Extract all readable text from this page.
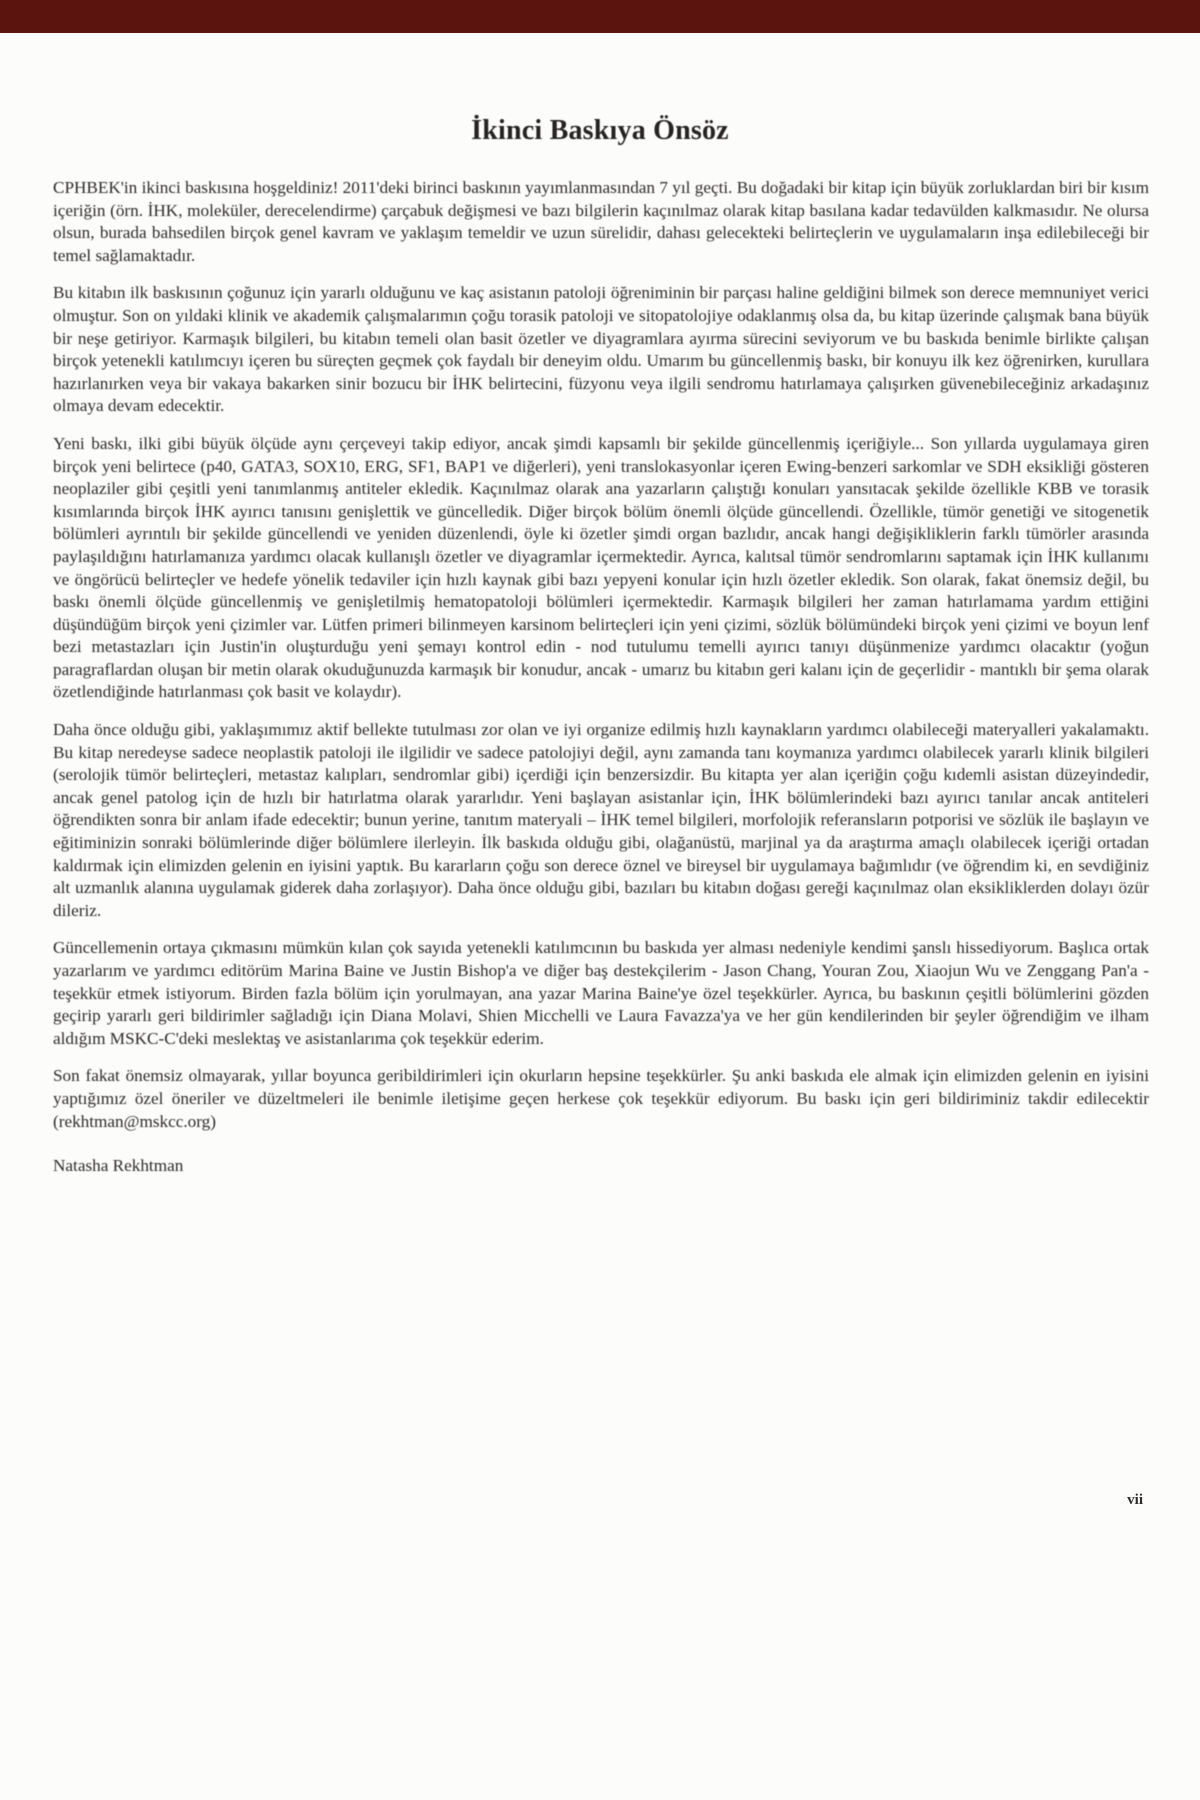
İkinci Baskıya Önsöz

CPHBEK'in ikinci baskısına hoşgeldiniz! 2011'deki birinci baskının yayımlanmasından 7 yıl geçti. Bu doğadaki bir kitap için büyük zorluklardan biri bir kısım içeriğin (örn. İHK, moleküler, derecelendirme) çarçabuk değişmesi ve bazı bilgilerin kaçınılmaz olarak kitap basılana kadar tedavülden kalkmasıdır. Ne olursa olsun, burada bahsedilen birçok genel kavram ve yaklaşım temeldir ve uzun sürelidir, dahası gelecekteki belirteçlerin ve uygulamaların inşa edilebileceği bir temel sağlamaktadır.

Bu kitabın ilk baskısının çoğunuz için yararlı olduğunu ve kaç asistanın patoloji öğreniminin bir parçası haline geldiğini bilmek son derece memnuniyet verici olmuştur. Son on yıldaki klinik ve akademik çalışmalarımın çoğu torasik patoloji ve sitopatolojiye odaklanmış olsa da, bu kitap üzerinde çalışmak bana büyük bir neşe getiriyor. Karmaşık bilgileri, bu kitabın temeli olan basit özetler ve diyagramlara ayırma sürecini seviyorum ve bu baskıda benimle birlikte çalışan birçok yetenekli katılımcıyı içeren bu süreçten geçmek çok faydalı bir deneyim oldu. Umarım bu güncellenmiş baskı, bir konuyu ilk kez öğrenirken, kurullara hazırlanırken veya bir vakaya bakarken sinir bozucu bir İHK belirtecini, füzyonu veya ilgili sendromu hatırlamaya çalışırken güvenebileceğiniz arkadaşınız olmaya devam edecektir.

Yeni baskı, ilki gibi büyük ölçüde aynı çerçeveyi takip ediyor, ancak şimdi kapsamlı bir şekilde güncellenmiş içeriğiyle... Son yıllarda uygulamaya giren birçok yeni belirtece (p40, GATA3, SOX10, ERG, SF1, BAP1 ve diğerleri), yeni translokasyonlar içeren Ewing-benzeri sarkomlar ve SDH eksikliği gösteren neoplaziler gibi çeşitli yeni tanımlanmış antiteler ekledik. Kaçınılmaz olarak ana yazarların çalıştığı konuları yansıtacak şekilde özellikle KBB ve torasik kısımlarında birçok İHK ayırıcı tanısını genişlettik ve güncelledik. Diğer birçok bölüm önemli ölçüde güncellendi. Özellikle, tümör genetiği ve sitogenetik bölümleri ayrıntılı bir şekilde güncellendi ve yeniden düzenlendi, öyle ki özetler şimdi organ bazlıdır, ancak hangi değişikliklerin farklı tümörler arasında paylaşıldığını hatırlamanıza yardımcı olacak kullanışlı özetler ve diyagramlar içermektedir. Ayrıca, kalıtsal tümör sendromlarını saptamak için İHK kullanımı ve öngörücü belirteçler ve hedefe yönelik tedaviler için hızlı kaynak gibi bazı yepyeni konular için hızlı özetler ekledik. Son olarak, fakat önemsiz değil, bu baskı önemli ölçüde güncellenmiş ve genişletilmiş hematopatoloji bölümleri içermektedir. Karmaşık bilgileri her zaman hatırlamama yardım ettiğini düşündüğüm birçok yeni çizimler var. Lütfen primeri bilinmeyen karsinom belirteçleri için yeni çizimi, sözlük bölümündeki birçok yeni çizimi ve boyun lenf bezi metastazları için Justin'in oluşturduğu yeni şemayı kontrol edin - nod tutulumu temelli ayırıcı tanıyı düşünmenize yardımcı olacaktır (yoğun paragraflardan oluşan bir metin olarak okuduğunuzda karmaşık bir konudur, ancak - umarız bu kitabın geri kalanı için de geçerlidir - mantıklı bir şema olarak özetlendiğinde hatırlanması çok basit ve kolaydır).

Daha önce olduğu gibi, yaklaşımımız aktif bellekte tutulması zor olan ve iyi organize edilmiş hızlı kaynakların yardımcı olabileceği materyalleri yakalamaktı. Bu kitap neredeyse sadece neoplastik patoloji ile ilgilidir ve sadece patolojiyi değil, aynı zamanda tanı koymanıza yardımcı olabilecek yararlı klinik bilgileri (serolojik tümör belirteçleri, metastaz kalıpları, sendromlar gibi) içerdiği için benzersizdir. Bu kitapta yer alan içeriğin çoğu kıdemli asistan düzeyindedir, ancak genel patolog için de hızlı bir hatırlatma olarak yararlıdır. Yeni başlayan asistanlar için, İHK bölümlerindeki bazı ayırıcı tanılar ancak antiteleri öğrendikten sonra bir anlam ifade edecektir; bunun yerine, tanıtım materyali – İHK temel bilgileri, morfolojik referansların potporisi ve sözlük ile başlayın ve eğitiminizin sonraki bölümlerinde diğer bölümlere ilerleyin. İlk baskıda olduğu gibi, olağanüstü, marjinal ya da araştırma amaçlı olabilecek içeriği ortadan kaldırmak için elimizden gelenin en iyisini yaptık. Bu kararların çoğu son derece öznel ve bireysel bir uygulamaya bağımlıdır (ve öğrendim ki, en sevdiğiniz alt uzmanlık alanına uygulamak giderek daha zorlaşıyor). Daha önce olduğu gibi, bazıları bu kitabın doğası gereği kaçınılmaz olan eksikliklerden dolayı özür dileriz.

Güncellemenin ortaya çıkmasını mümkün kılan çok sayıda yetenekli katılımcının bu baskıda yer alması nedeniyle kendimi şanslı hissediyorum. Başlıca ortak yazarlarım ve yardımcı editörüm Marina Baine ve Justin Bishop'a ve diğer baş destekçilerim - Jason Chang, Youran Zou, Xiaojun Wu ve Zenggang Pan'a - teşekkür etmek istiyorum. Birden fazla bölüm için yorulmayan, ana yazar Marina Baine'ye özel teşekkürler. Ayrıca, bu baskının çeşitli bölümlerini gözden geçirip yararlı geri bildirimler sağladığı için Diana Molavi, Shien Micchelli ve Laura Favazza'ya ve her gün kendilerinden bir şeyler öğrendiğim ve ilham aldığım MSKC-C'deki meslektaş ve asistanlarıma çok teşekkür ederim.

Son fakat önemsiz olmayarak, yıllar boyunca geribildirimleri için okurların hepsine teşekkürler. Şu anki baskıda ele almak için elimizden gelenin en iyisini yaptığımız özel öneriler ve düzeltmeleri ile benimle iletişime geçen herkese çok teşekkür ediyorum. Bu baskı için geri bildiriminiz takdir edilecektir (rekhtman@mskcc.org)

Natasha Rekhtman

vii
